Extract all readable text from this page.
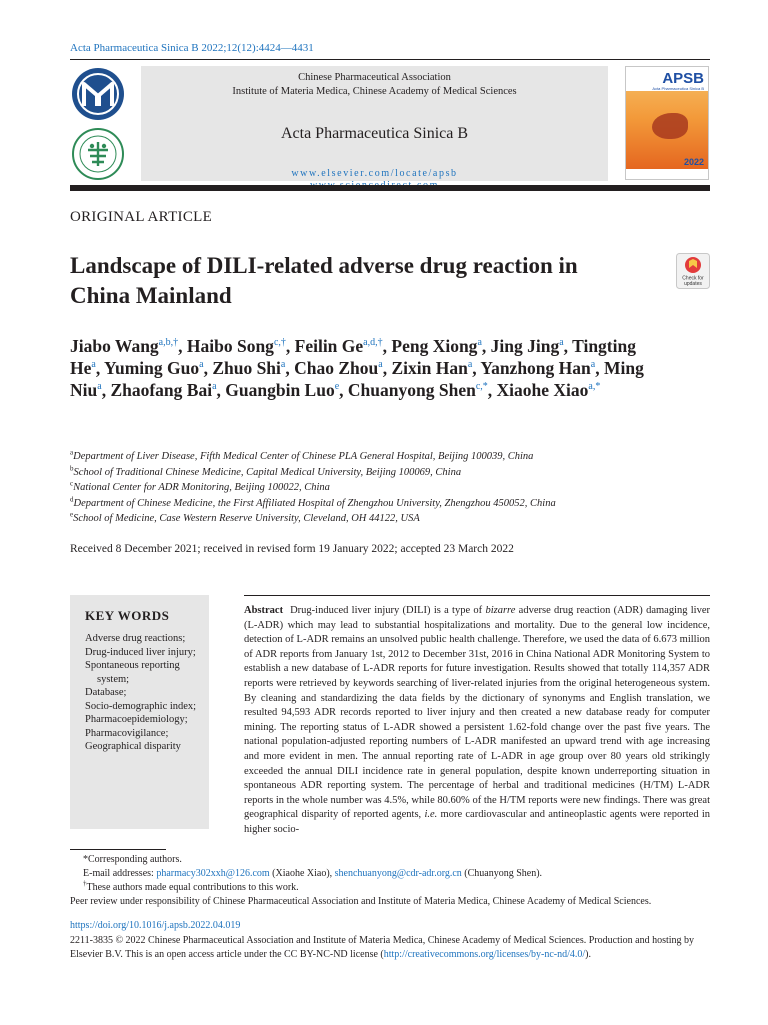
Acta Pharmaceutica Sinica B 2022;12(12):4424—4431
Chinese Pharmaceutical Association
Institute of Materia Medica, Chinese Academy of Medical Sciences
Acta Pharmaceutica Sinica B
www.elsevier.com/locate/apsb
APSB
Acta Pharmaceutica Sinica B
2022
ORIGINAL ARTICLE
Landscape of DILI-related adverse drug reaction in China Mainland
Check for
updates
Jiabo Wang$^{a,b,\dagger}$, Haibo Song$^{c,\dagger}$, Feilin $Ge^{a,d,\dagger}$, Peng Xiong$^a$, Jing Jing$^a$, Tingting He$^a$, Yuming Guo$^a$, Zhuo Shi$^a$, Chao Zhou$^a$, Zixin Han$^a$, Yanzhong Han$^a$, Ming Niu$^a$, Zhaofang Bai$^a$, Guangbin Luo$^e$, Chuanyong Shen$^{c,*}$, Xiaohe Xiao$^{a,*}$
$^a$Department of Liver Disease, Fifth Medical Center of Chinese PLA General Hospital, Beijing 100039, China
$^b$School of Traditional Chinese Medicine, Capital Medical University, Beijing 100069, China
$^c$National Center for ADR Monitoring, Beijing 100022, China
$^d$Department of Chinese Medicine, the First Affiliated Hospital of Zhengzhou University, Zhengzhou 450052, China
$^e$School of Medicine, Case Western Reserve University, Cleveland, OH 44122, USA
Received 8 December 2021; received in revised form 19 January 2022; accepted 23 March 2022
KEY WORDS
Adverse drug reactions;
Drug-induced liver injury;
Spontaneous reporting
system;
Database;
Socio-demographic index;
Pharmacoepidemiology;
Pharmacovigilance;
Geographical disparity
Abstract Drug-induced liver injury (DILI) is a type of bizarre adverse drug reaction (ADR) damaging liver (L-ADR) which may lead to substantial hospitalizations and mortality. Due to the general low incidence, detection of L-ADR remains an unsolved public health challenge. Therefore, we used the data of 6.673 million of ADR reports from January 1st, 2012 to December 31st, 2016 in China National ADR Monitoring System to establish a new database of L-ADR reports for future investigation. Results showed that totally 114,357 ADR reports were retrieved by keywords searching of liver-related injuries from the original heterogeneous system. By cleaning and standardizing the data fields by the dictionary of synonyms and English translation, we resulted 94,593 ADR records reported to liver injury and then created a new database ready for computer mining. The reporting status of L-ADR showed a persistent 1.62-fold change over the past five years. The national population-adjusted reporting numbers of L-ADR manifested an upward trend with age increasing and more evident in men. The annual reporting rate of L-ADR in age group over 80 years old strikingly exceeded the annual DILI incidence rate in general population, despite known underreporting situation in spontaneous ADR reporting system. The percentage of herbal and traditional medicines (H/TM) L-ADR reports in the whole number was 4.5%, while 80.60% of the H/TM reports were new findings. There was great geographical disparity of reported agents, i.e. more cardiovascular and antineoplastic agents were reported in higher socio-
*Corresponding authors.
E-mail addresses: pharmacy302xxh@126.com (Xiaohe Xiao), shenchuanyong@cdr-adr.org.cn (Chuanyong Shen).
†These authors made equal contributions to this work.
Peer review under responsibility of Chinese Pharmaceutical Association and Institute of Materia Medica, Chinese Academy of Medical Sciences.
https://doi.org/10.1016/j.apsb.2022.04.019
2211-3835 © 2022 Chinese Pharmaceutical Association and Institute of Materia Medica, Chinese Academy of Medical Sciences. Production and hosting by Elsevier B.V. This is an open access article under the CC BY-NC-ND license (http://creativecommons.org/licenses/by-nc-nd/4.0/).
